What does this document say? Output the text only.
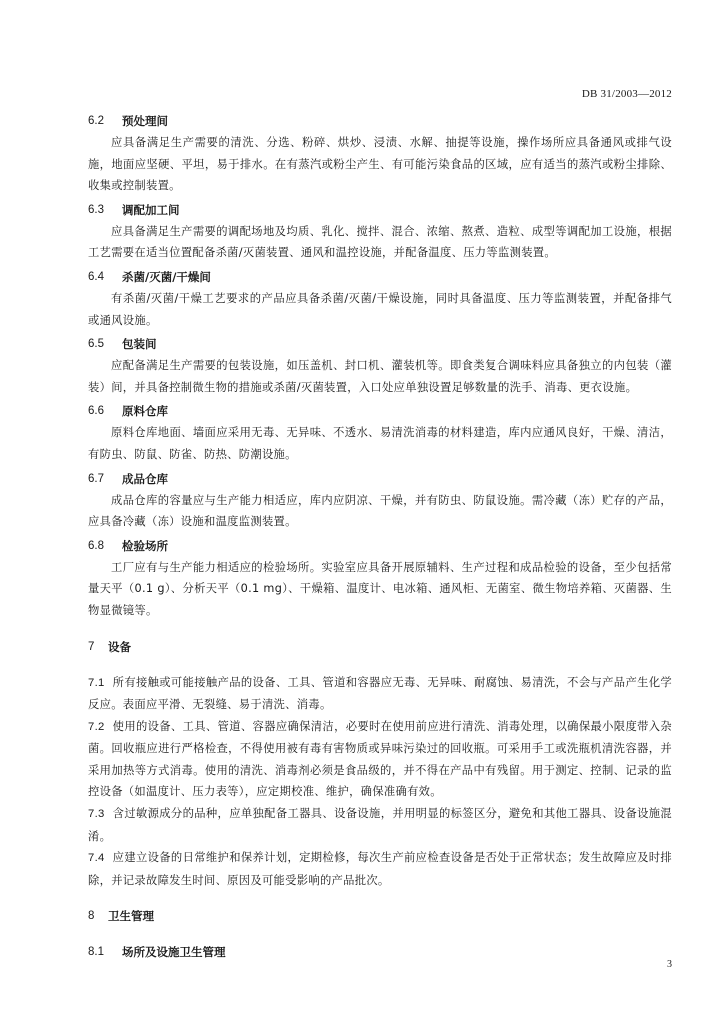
DB 31/2003—2012
6.2	预处理间

应具备满足生产需要的清洗、分选、粉碎、烘炒、浸渍、水解、抽提等设施，操作场所应具备通风或排气设施，地面应坚硬、平坦，易于排水。在有蒸汽或粉尘产生、有可能污染食品的区域，应有适当的蒸汽或粉尘排除、收集或控制装置。

6.3	调配加工间

应具备满足生产需要的调配场地及均质、乳化、搅拌、混合、浓缩、熬煮、造粒、成型等调配加工设施，根据工艺需要在适当位置配备杀菌/灭菌装置、通风和温控设施，并配备温度、压力等监测装置。

6.4	杀菌/灭菌/干燥间

有杀菌/灭菌/干燥工艺要求的产品应具备杀菌/灭菌/干燥设施，同时具备温度、压力等监测装置，并配备排气或通风设施。

6.5	包装间

应配备满足生产需要的包装设施，如压盖机、封口机、灌装机等。即食类复合调味料应具备独立的内包装（灌装）间，并具备控制微生物的措施或杀菌/灭菌装置，入口处应单独设置足够数量的洗手、消毒、更衣设施。

6.6	原料仓库

原料仓库地面、墙面应采用无毒、无异味、不透水、易清洗消毒的材料建造，库内应通风良好，干燥、清洁，有防虫、防鼠、防雀、防热、防潮设施。

6.7	成品仓库

成品仓库的容量应与生产能力相适应，库内应阴凉、干燥，并有防虫、防鼠设施。需冷藏（冻）贮存的产品，应具备冷藏（冻）设施和温度监测装置。

6.8	检验场所

工厂应有与生产能力相适应的检验场所。实验室应具备开展原辅料、生产过程和成品检验的设备，至少包括常量天平（0.1 g）、分析天平（0.1 mg）、干燥箱、温度计、电冰箱、通风柜、无菌室、微生物培养箱、灭菌器、生物显微镜等。

7	设备

7.1 所有接触或可能接触产品的设备、工具、管道和容器应无毒、无异味、耐腐蚀、易清洗，不会与产品产生化学反应。表面应平滑、无裂缝、易于清洗、消毒。

7.2 使用的设备、工具、管道、容器应确保清洁，必要时在使用前应进行清洗、消毒处理，以确保最小限度带入杂菌。回收瓶应进行严格检查，不得使用被有毒有害物质或异味污染过的回收瓶。可采用手工或洗瓶机清洗容器，并采用加热等方式消毒。使用的清洗、消毒剂必须是食品级的，并不得在产品中有残留。用于测定、控制、记录的监控设备（如温度计、压力表等），应定期校准、维护，确保准确有效。

7.3 含过敏源成分的品种，应单独配备工器具、设备设施，并用明显的标签区分，避免和其他工器具、设备设施混淆。

7.4 应建立设备的日常维护和保养计划，定期检修，每次生产前应检查设备是否处于正常状态；发生故障应及时排除，并记录故障发生时间、原因及可能受影响的产品批次。

8	卫生管理
8.1	场所及设施卫生管理
3
